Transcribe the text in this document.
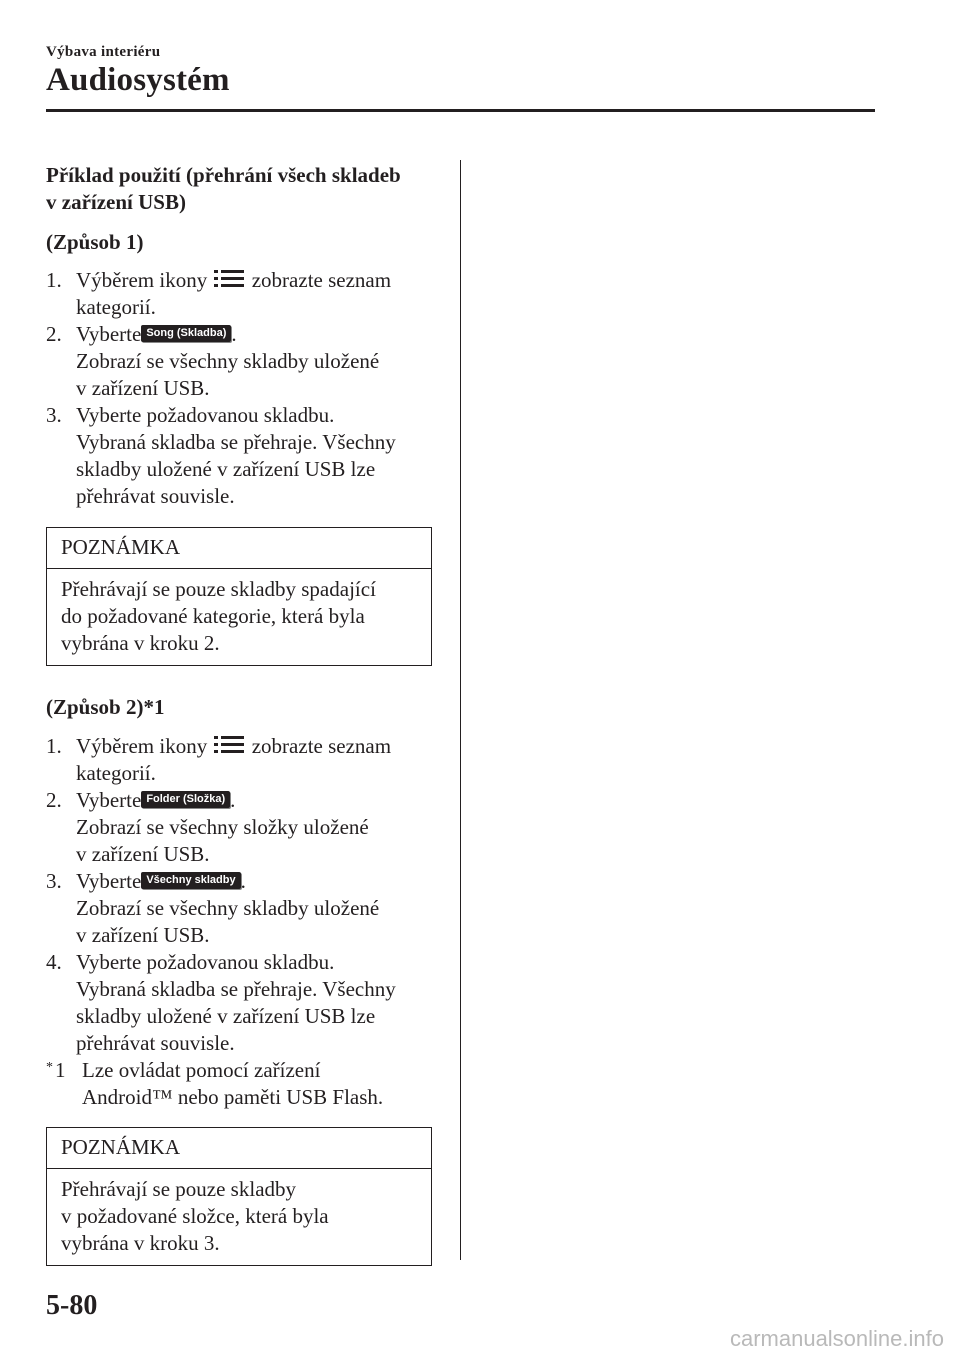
Výbava interiéru
Audiosystém
Příklad použití (přehrání všech skladeb
v zařízení USB)
(Způsob 1)
1. Výběrem ikony zobrazte seznam
kategorií.
2. Vyberte Song (Skladba) .
Zobrazí se všechny skladby uložené
v zařízení USB.
3. Vyberte požadovanou skladbu.
Vybraná skladba se přehraje. Všechny
skladby uložené v zařízení USB lze
přehrávat souvisle.
POZNÁMKA
Přehrávají se pouze skladby spadající
do požadované kategorie, která byla
vybrána v kroku 2.
(Způsob 2)*1
1. Výběrem ikony zobrazte seznam
kategorií.
2. Vyberte Folder (Složka) .
Zobrazí se všechny složky uložené
v zařízení USB.
3. Vyberte Všechny skladby .
Zobrazí se všechny skladby uložené
v zařízení USB.
4. Vyberte požadovanou skladbu.
Vybraná skladba se přehraje. Všechny
skladby uložené v zařízení USB lze
přehrávat souvisle.
* 1 Lze ovládat pomocí zařízení
Android™ nebo paměti USB Flash.
POZNÁMKA
Přehrávají se pouze skladby
v požadované složce, která byla
vybrána v kroku 3.
5-80
carmanualsonline.info
